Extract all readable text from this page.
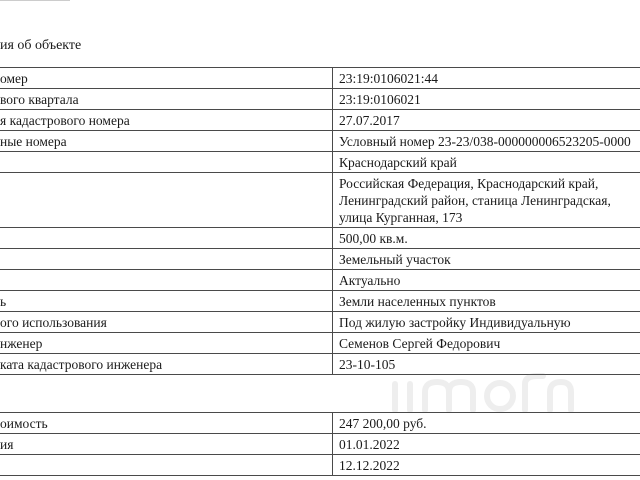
ия об объекте
омер	23:19:0106021:44
вого квартала	23:19:0106021
я кадастрового номера	27.07.2017
ные номера	Условный номер 23-23/038-000000006523205-0000
	Краснодарский край
	Российская Федерация, Краснодарский край, Ленинградский район, станица Ленинградская, улица Курганная, 173
	500,00 кв.м.
	Земельный участок
	Актуально
ь	Земли населенных пунктов
ого использования	Под жилую застройку Индивидуальную
нженер	Семенов Сергей Федорович
ката кадастрового инженера	23-10-105
оимость	247 200,00 руб.
ия	01.01.2022
	12.12.2022
